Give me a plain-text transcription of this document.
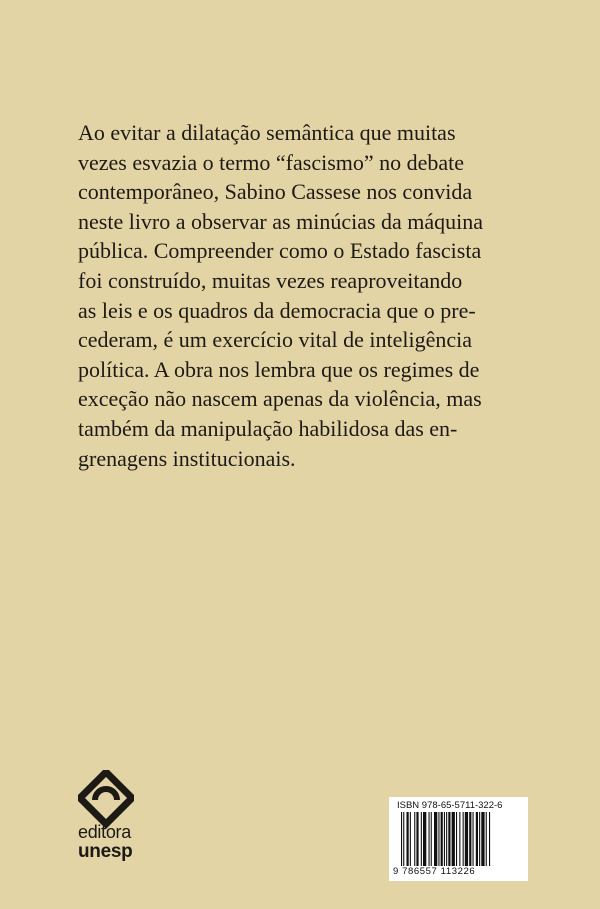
Ao evitar a dilatação semântica que muitas
vezes esvazia o termo “fascismo” no debate
contemporâneo, Sabino Cassese nos convida
neste livro a observar as minúcias da máquina
pública. Compreender como o Estado fascista
foi construído, muitas vezes reaproveitando
as leis e os quadros da democracia que o pre-
cederam, é um exercício vital de inteligência
política. A obra nos lembra que os regimes de
exceção não nascem apenas da violência, mas
também da manipulação habilidosa das en-
grenagens institucionais.
editora
unesp
ISBN 978-65-5711-322-6
9 786557 113226
